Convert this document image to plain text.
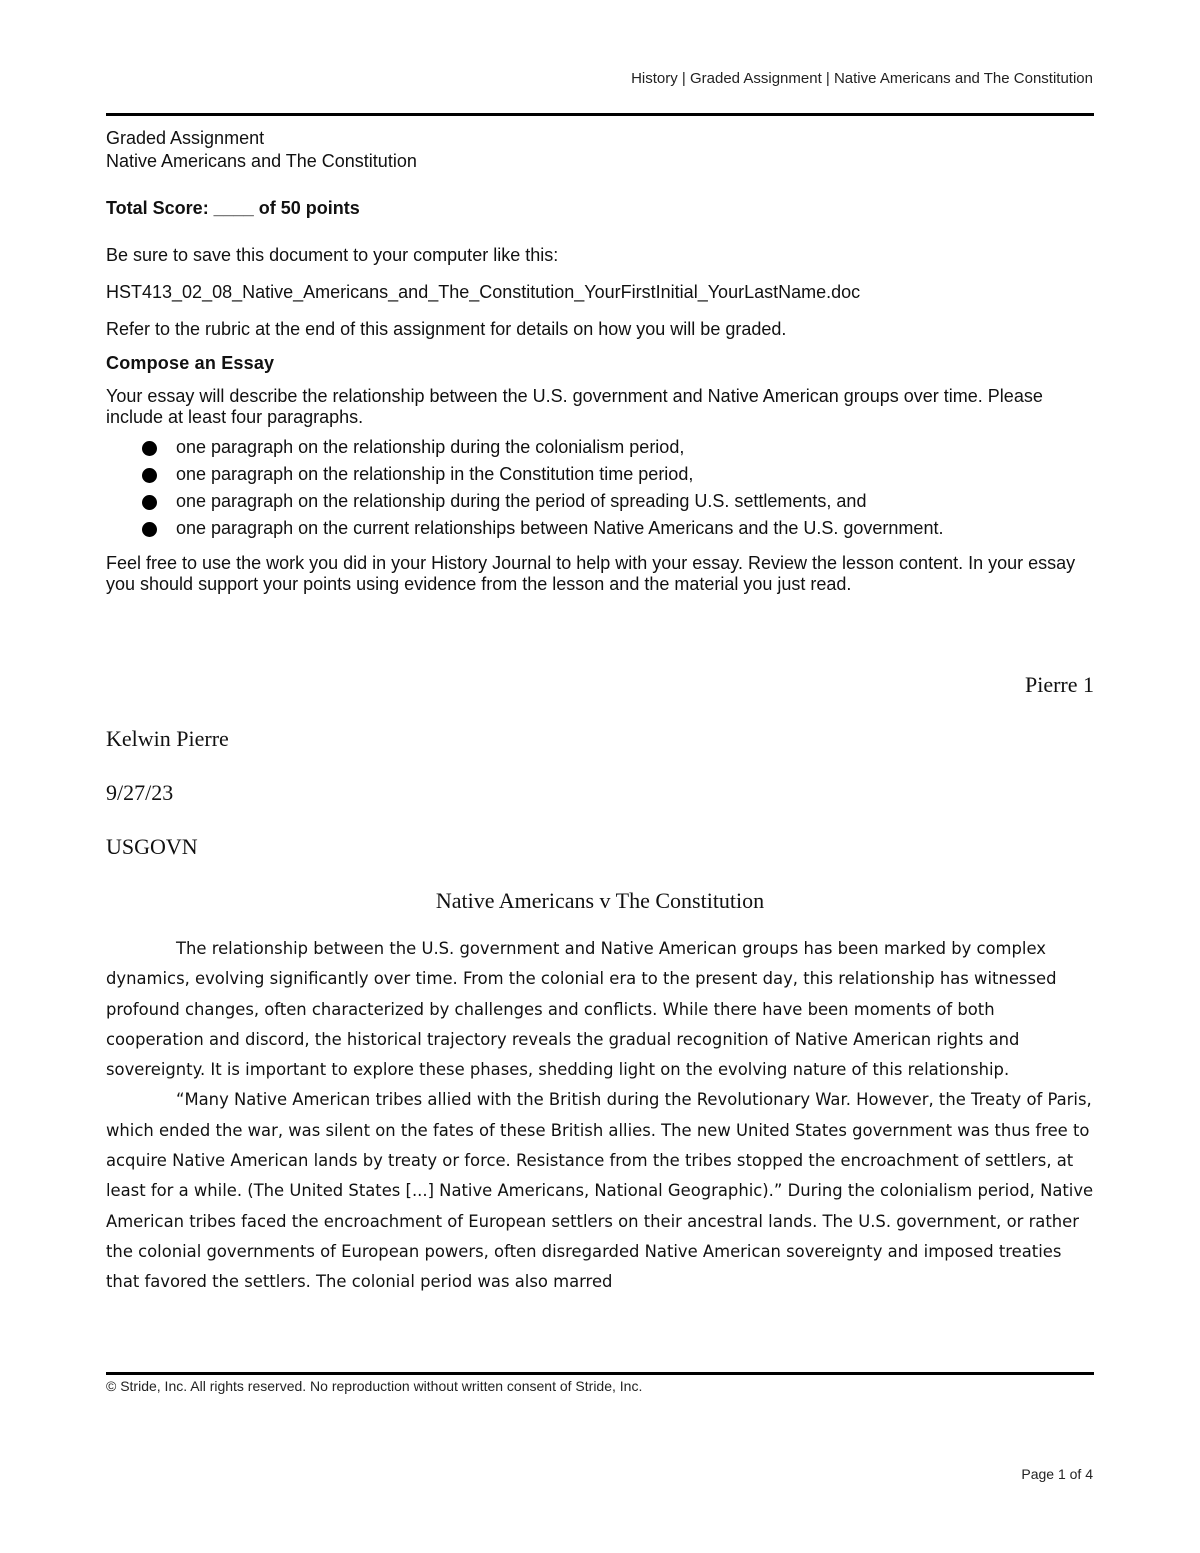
History | Graded Assignment | Native Americans and The Constitution
Graded Assignment
Native Americans and The Constitution
Total Score: ____ of 50 points
Be sure to save this document to your computer like this:
HST413_02_08_Native_Americans_and_The_Constitution_YourFirstInitial_YourLastName.doc
Refer to the rubric at the end of this assignment for details on how you will be graded.
Compose an Essay
Your essay will describe the relationship between the U.S. government and Native American groups over time. Please include at least four paragraphs.
one paragraph on the relationship during the colonialism period,
one paragraph on the relationship in the Constitution time period,
one paragraph on the relationship during the period of spreading U.S. settlements, and
one paragraph on the current relationships between Native Americans and the U.S. government.
Feel free to use the work you did in your History Journal to help with your essay. Review the lesson content. In your essay you should support your points using evidence from the lesson and the material you just read.
Pierre 1
Kelwin Pierre
9/27/23
USGOVN
Native Americans v The Constitution

The relationship between the U.S. government and Native American groups has been marked by complex dynamics, evolving significantly over time. From the colonial era to the present day, this relationship has witnessed profound changes, often characterized by challenges and conflicts. While there have been moments of both cooperation and discord, the historical trajectory reveals the gradual recognition of Native American rights and sovereignty. It is important to explore these phases, shedding light on the evolving nature of this relationship.

“Many Native American tribes allied with the British during the Revolutionary War. However, the Treaty of Paris, which ended the war, was silent on the fates of these British allies. The new United States government was thus free to acquire Native American lands by treaty or force. Resistance from the tribes stopped the encroachment of settlers, at least for a while. (The United States [...] Native Americans, National Geographic).” During the colonialism period, Native American tribes faced the encroachment of European settlers on their ancestral lands. The U.S. government, or rather the colonial governments of European powers, often disregarded Native American sovereignty and imposed treaties that favored the settlers. The colonial period was also marred

© Stride, Inc. All rights reserved. No reproduction without written consent of Stride, Inc.
Page 1 of 4
